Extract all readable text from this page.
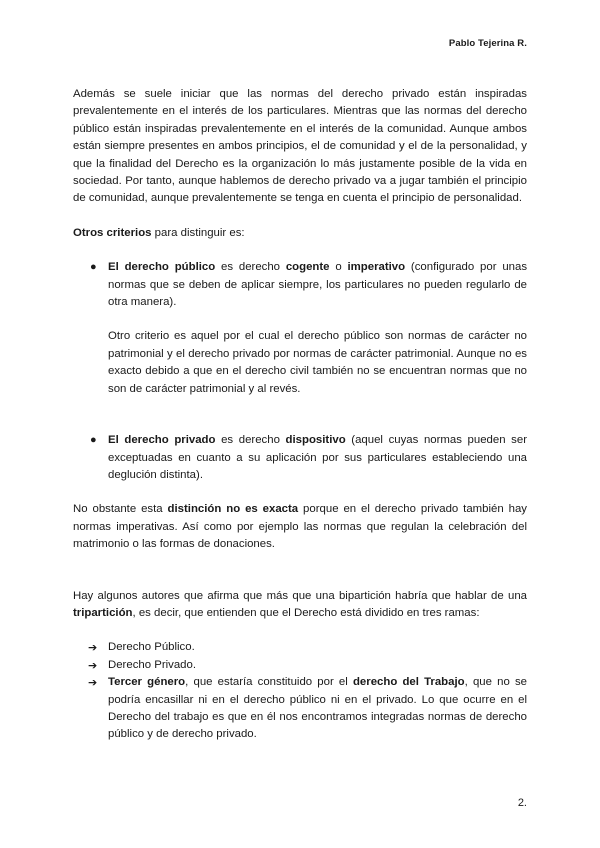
Pablo Tejerina R.

Además se suele iniciar que las normas del derecho privado están inspiradas prevalentemente en el interés de los particulares. Mientras que las normas del derecho público están inspiradas prevalentemente en el interés de la comunidad. Aunque ambos están siempre presentes en ambos principios, el de comunidad y el de la personalidad, y que la finalidad del Derecho es la organización lo más justamente posible de la vida en sociedad. Por tanto, aunque hablemos de derecho privado va a jugar también el principio de comunidad, aunque prevalentemente se tenga en cuenta el principio de personalidad.

Otros criterios para distinguir es:

● El derecho público es derecho cogente o imperativo (configurado por unas normas que se deben de aplicar siempre, los particulares no pueden regularlo de otra manera).

Otro criterio es aquel por el cual el derecho público son normas de carácter no patrimonial y el derecho privado por normas de carácter patrimonial. Aunque no es exacto debido a que en el derecho civil también no se encuentran normas que no son de carácter patrimonial y al revés.

● El derecho privado es derecho dispositivo (aquel cuyas normas pueden ser exceptuadas en cuanto a su aplicación por sus particulares estableciendo una deglución distinta).

No obstante esta distinción no es exacta porque en el derecho privado también hay normas imperativas. Así como por ejemplo las normas que regulan la celebración del matrimonio o las formas de donaciones.

Hay algunos autores que afirma que más que una bipartición habría que hablar de una tripartición, es decir, que entienden que el Derecho está dividido en tres ramas:

➔ Derecho Público.
➔ Derecho Privado.
➔ Tercer género, que estaría constituido por el derecho del Trabajo, que no se podría encasillar ni en el derecho público ni en el privado. Lo que ocurre en el Derecho del trabajo es que en él nos encontramos integradas normas de derecho público y de derecho privado.

2.
